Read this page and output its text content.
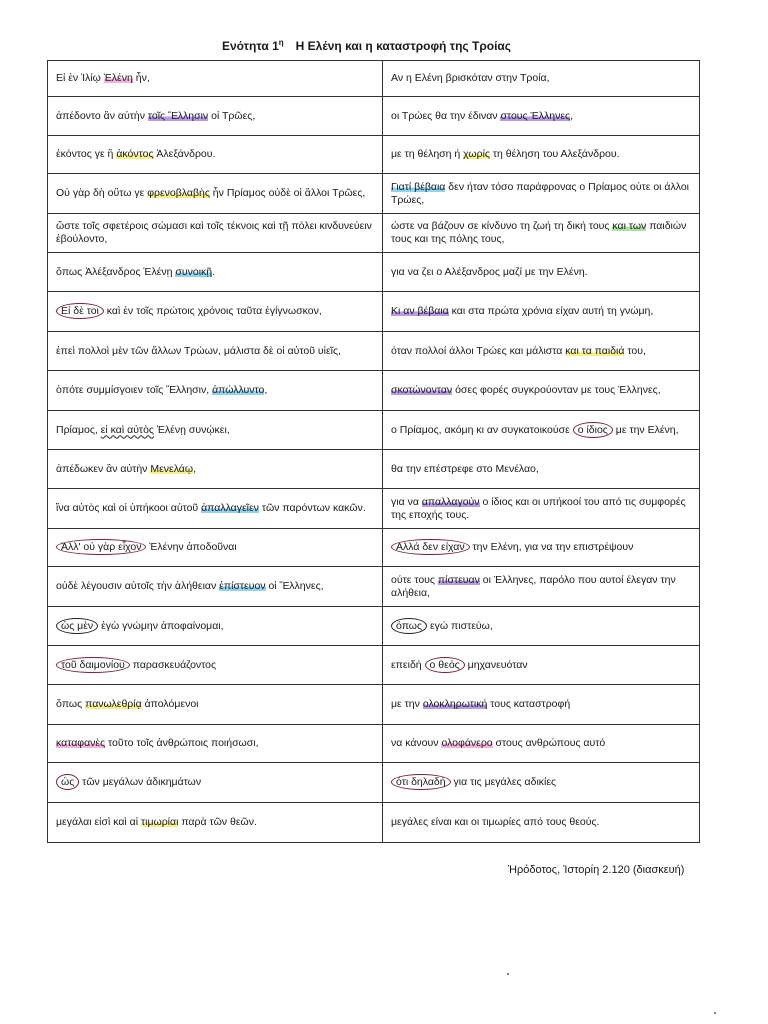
Ενότητα $1^\eta$ Η Ελένη και η καταστροφή της Τροίας
Εἰ ἐν Ἰλίῳ Ἑλένη ἦν,	Αν η Ελένη βρισκόταν στην Τροία,
ἀπέδοντο ἂν αὐτὴν τοῖς Ἕλλησιν οἱ Τρῶες,	οι Τρώες θα την έδιναν στους Έλληνες,
ἑκόντος γε ἢ ἀκόντος Ἀλεξάνδρου.	με τη θέληση ή χωρίς τη θέληση του Αλεξάνδρου.
Οὐ γὰρ δὴ οὕτω γε φρενοβλαβὴς ἦν Πρίαμος οὐδὲ οἱ ἄλλοι Τρῶες,	Γιατί βέβαια δεν ήταν τόσο παράφρονας ο Πρίαμος ούτε οι άλλοι Τρώες,
ὥστε τοῖς σφετέροις σώμασι καὶ τοῖς τέκνοις καὶ τῇ πόλει κινδυνεύειν ἐβούλοντο,	ώστε να βάζουν σε κίνδυνο τη ζωή τη δική τους και των παιδιών τους και της πόλης τους,
ὅπως Ἀλέξανδρος Ἑλένῃ συνοικῇ.	για να ζει ο Αλέξανδρος μαζί με την Ελένη.
Εἰ δὲ τοι καὶ ἐν τοῖς πρώτοις χρόνοις ταῦτα ἐγίγνωσκον,	Κι αν βέβαια και στα πρώτα χρόνια είχαν αυτή τη γνώμη,
ἐπεὶ πολλοὶ μὲν τῶν ἄλλων Τρώων, μάλιστα δὲ οἱ αὐτοῦ υἱεῖς,	όταν πολλοί άλλοι Τρώες και μάλιστα και τα παιδιά του,
ὁπότε συμμίσγοιεν τοῖς Ἕλλησιν, ἀπώλλυντο,	σκοτώνονταν όσες φορές συγκρούονταν με τους Έλληνες,
Πρίαμος, εἰ καὶ αὐτὸς Ἑλένῃ συνῴκει,	ο Πρίαμος, ακόμη κι αν συγκατοικούσε ο ίδιος με την Ελένη,
ἀπέδωκεν ἂν αὐτὴν Μενελάῳ,	θα την επέστρεφε στο Μενέλαο,
ἵνα αὐτὸς καὶ οἱ ὑπήκοοι αὐτοῦ ἀπαλλαγεῖεν τῶν παρόντων κακῶν.	για να απαλλαγούν ο ίδιος και οι υπήκοοί του από τις συμφορές της εποχής τους.
Ἀλλ' οὐ γὰρ εἶχον Ἑλένην ἀποδοῦναι	Αλλά δεν είχαν την Ελένη, για να την επιστρέψουν
οὐδὲ λέγουσιν αὐτοῖς τὴν ἀλήθειαν ἐπίστευον οἱ Ἕλληνες,	ούτε τους πίστευαν οι Έλληνες, παρόλο που αυτοί έλεγαν την αλήθεια,
ὡς μὲν ἐγὼ γνώμην ἀποφαίνομαι,	όπως εγώ πιστεύω,
τοῦ δαιμονίου παρασκευάζοντος	επειδή ο θεός μηχανευόταν
ὅπως πανωλεθρίᾳ ἀπολόμενοι	με την ολοκληρωτική τους καταστροφή
καταφανὲς τοῦτο τοῖς ἀνθρώποις ποιήσωσι,	να κάνουν ολοφάνερο στους ανθρώπους αυτό
ὡς τῶν μεγάλων ἀδικημάτων	ότι δηλαδή για τις μεγάλες αδικίες
μεγάλαι εἰσὶ καὶ αἱ τιμωρίαι παρὰ τῶν θεῶν.	μεγάλες είναι και οι τιμωρίες από τους θεούς.
Ἡρόδοτος, Ἱστορίη 2.120 (διασκευή)
